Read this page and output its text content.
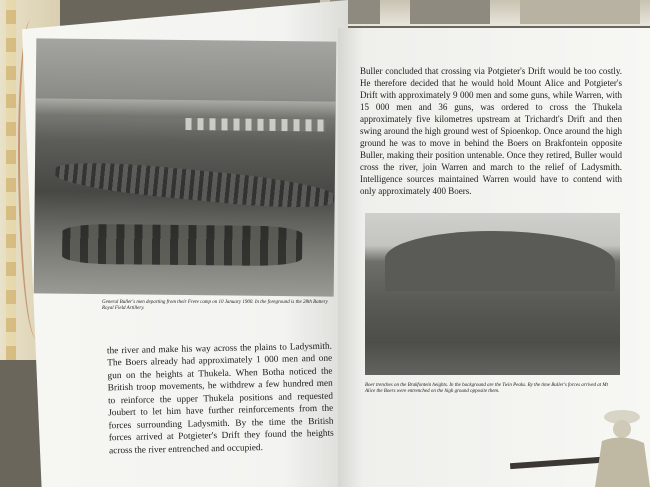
General Buller's men departing from their Frere camp on 10 January 1900. In the foreground is the 28th Battery Royal Field Artillery.

the river and make his way across the plains to Ladysmith. The Boers already had approximately 1 000 men and one gun on the heights at Thukela. When Botha noticed the British troop movements, he withdrew a few hundred men to reinforce the upper Thukela positions and requested Joubert to let him have further reinforcements from the forces surrounding Ladysmith. By the time the British forces arrived at Potgieter's Drift they found the heights across the river entrenched and occupied.

Buller concluded that crossing via Potgieter's Drift would be too costly. He therefore decided that he would hold Mount Alice and Potgieter's Drift with approximately 9 000 men and some guns, while Warren, with 15 000 men and 36 guns, was ordered to cross the Thukela approximately five kilometres upstream at Trichardt's Drift and then swing around the high ground west of Spioenkop. Once around the high ground he was to move in behind the Boers on Brakfontein opposite Buller, making their position untenable. Once they retired, Buller would cross the river, join Warren and march to the relief of Ladysmith. Intelligence sources maintained Warren would have to contend with only approximately 400 Boers.

Boer trenches on the Brakfontein heights. In the background are the Twin Peaks. By the time Buller's forces arrived at Mt Alice the Boers were entrenched on the high ground opposite them.
